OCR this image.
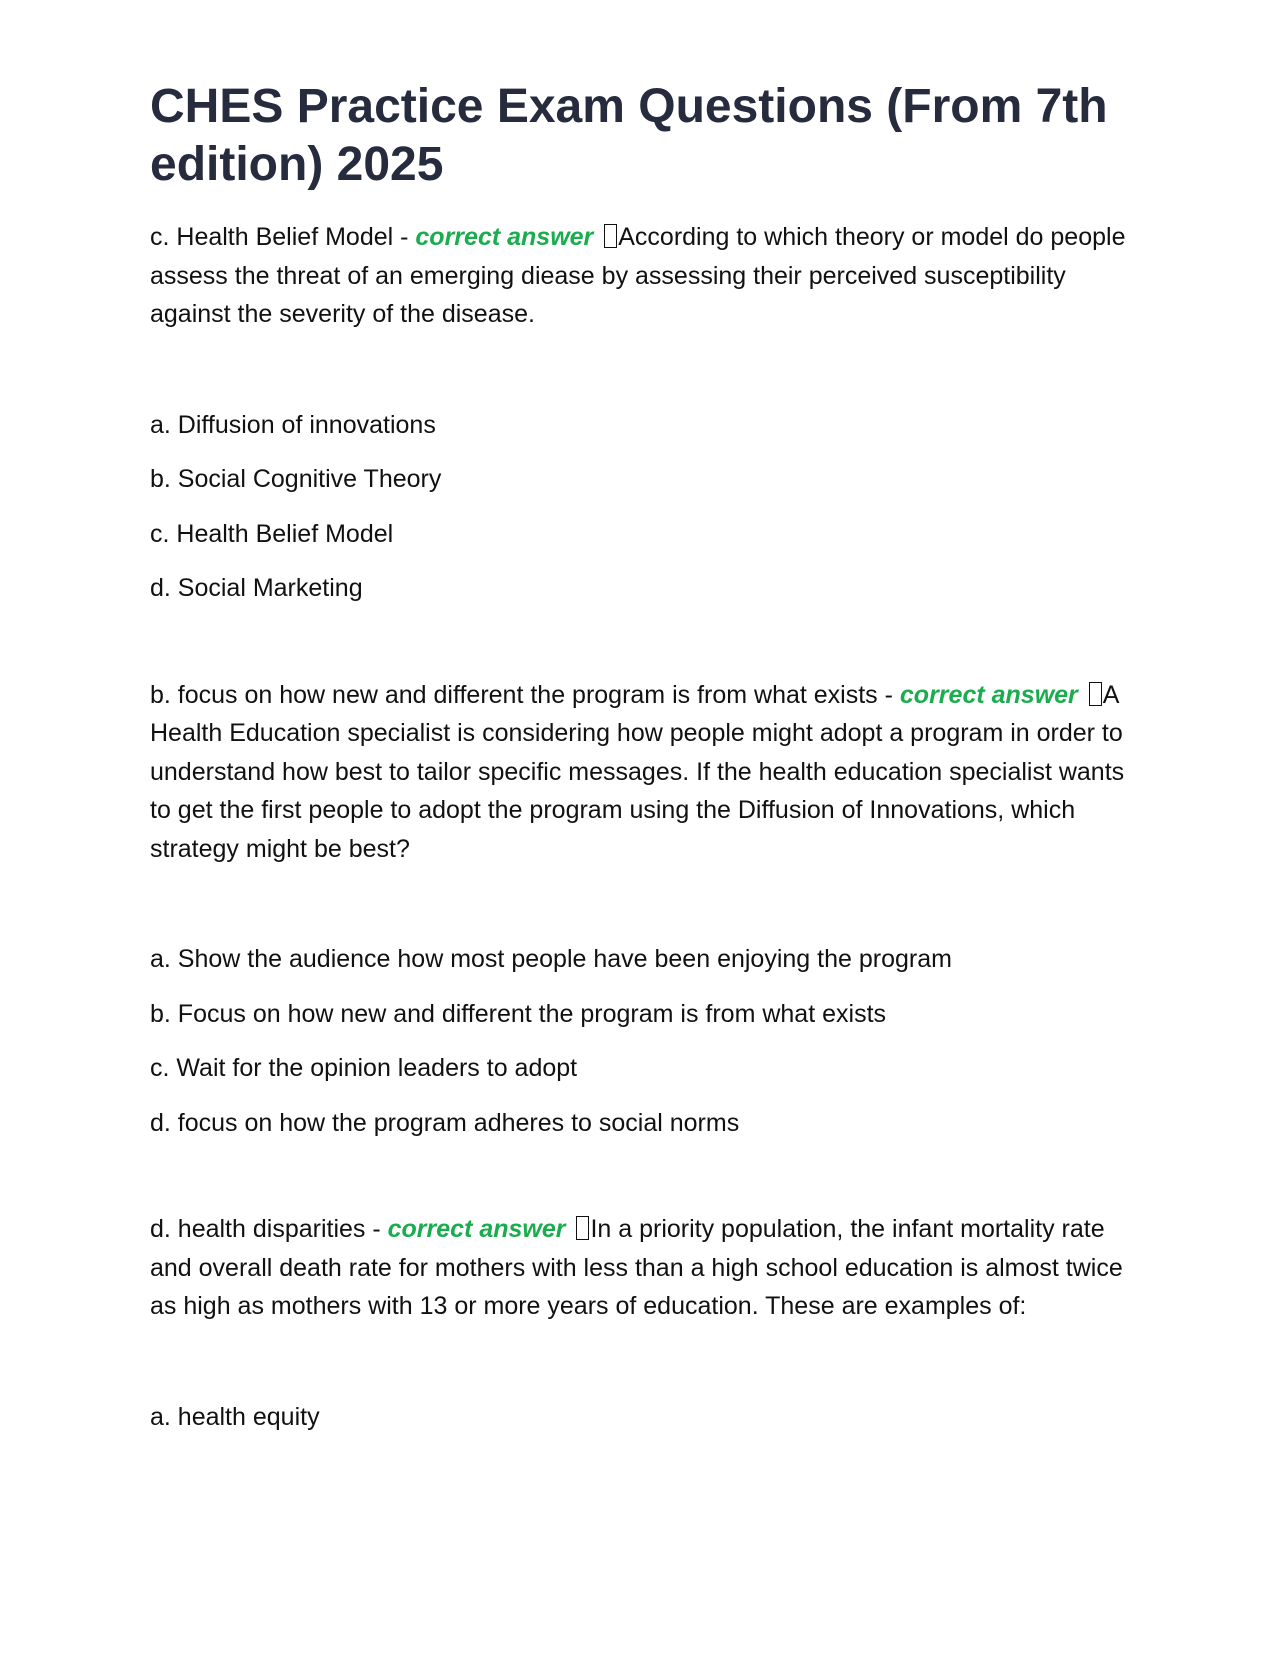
CHES Practice Exam Questions (From 7th edition) 2025

c. Health Belief Model - correct answer According to which theory or model do people assess the threat of an emerging diease by assessing their perceived susceptibility against the severity of the disease.

a. Diffusion of innovations

b. Social Cognitive Theory

c. Health Belief Model

d. Social Marketing

b. focus on how new and different the program is from what exists - correct answer A Health Education specialist is considering how people might adopt a program in order to understand how best to tailor specific messages. If the health education specialist wants to get the first people to adopt the program using the Diffusion of Innovations, which strategy might be best?

a. Show the audience how most people have been enjoying the program

b. Focus on how new and different the program is from what exists

c. Wait for the opinion leaders to adopt

d. focus on how the program adheres to social norms

d. health disparities - correct answer In a priority population, the infant mortality rate and overall death rate for mothers with less than a high school education is almost twice as high as mothers with 13 or more years of education. These are examples of:

a. health equity
